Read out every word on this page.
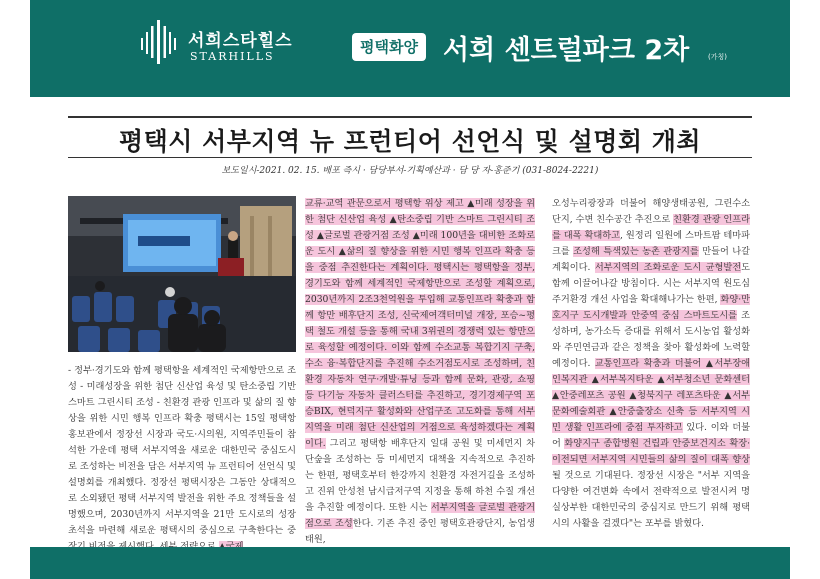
서희스타힐스
STARHILLS
평택화양 서희 센트럴파크 2차	(가칭)
평택시 서부지역 뉴 프런티어 선언식 및 설명회 개최
보도일시-2021. 02. 15. 배포 즉시 · 담당부서-기획예산과 · 담 당 자-홍준기 (031-8024-2221)
- 정부·경기도와 함께 평택항을 세계적인 국제항만으로 조성 - 미래성장을 위한 첨단 신산업 육성 및 탄소중립 기반 스마트 그린시티 조성 - 친환경 관광 인프라 및 삶의 질 향상을 위한 시민 행복 인프라 확충 평택시는 15일 평택항 홍보관에서 정장선 시장과 국도·시의원, 지역주민들이 참석한 가운데 평택 서부지역을 새로운 대한민국 중심도시로 조성하는 비전을 담은 서부지역 뉴 프런티어 선언식 및 설명회를 개최했다. 정장선 평택시장은 그동안 상대적으로 소외됐던 평택 서부지역 발전을 위한 주요 정책들을 설명했으며, 2030년까지 서부지역을 21만 도시로의 성장 초석을 마련해 새로운 평택시의 중심으로 구축한다는 중
교류·교역 관문으로서 평택항 위상 제고 ▲미래 성장을 위한 첨단 신산업 육성 ▲탄소중립 기반 스마트 그린시티 조성 ▲글로벌 관광거점 조성 ▲미래 100년을 대비한 조화로운 도시 ▲삶의 질 향상을 위한 시민 행복 인프라 확충 등을 중점 추진한다는 계획이다. 평택시는 평택항을 정부, 경기도와 함께 세계적인 국제항만으로 조성할 계획으로, 2030년까지 2조3천억원을 투입해 교통인프라 확충과 함께 항만 배후단지 조성, 신국제여객터미널 개장, 포승~평택 철도 개설 등을 통해 국내 3위권의 경쟁력 있는 항만으로 육성할 예정이다. 이와 함께 수소교통 복합기지 구축, 수소 융·복합단지를 추진해 수소거점도시로 조성하며, 친환경 자동차 연구·개발·튜닝 등과 함께 문화, 관광, 쇼핑 등 다기능 자동차 클러스터를 추진하고, 경기경제구역 포승BIX, 현덕지구 활성화와 산업구조 고도화를 통해 서부지역을 미래 첨단 신산업의 거점으로 육성하겠다는 계획이다. 그리고 평택항 배후단지 일대 공원 및 미세먼지 차단숲을 조성하는 등 미세먼지 대책을 지속적으로 추진하는 한편, 평택호부터 한강까지 친환경 자전거길을 조성하고 진위 안성천 남시급저구역 지정을 통해 하천 수질 개선을 추진할 예정이다. 또한 시는 서부지역을 글로벌 관광거점으로 조성한다. 기존 추진 중인 평택호관광단지, 농업생태원,
오성누리광장과 더불어 해양생태공원, 그린수소단지, 수변 친수공간 추진으로 친환경 관광 인프라를 대폭 확대하고, 원정리 일원에 스마트팜 테마파크를 조성해 특색있는 농촌 관광지를 만들어 나갈 계획이다. 서부지역의 조화로운 도시 균형발전도 함께 이끌어나갈 방침이다. 시는 서부지역 원도심 주거환경 개선 사업을 확대해나가는 한편, 화양·만호지구 도시개발과 안중역 중심 스마트도시를 조성하며, 농가소득 증대를 위해서 도시농업 활성화와 주민연금과 같은 정책을 찾아 활성화에 노력할 예정이다. 교통인프라 확충과 더불어 ▲서부장애인복지관 ▲서부복지타운 ▲서부청소년 문화센터 ▲안중레포츠 공원 ▲청북지구 레포츠타운 ▲서부문화예술회관 ▲안중출장소 신축 등 서부지역 시민 생활 인프라에 중점 투자하고 있다. 이와 더불어 화양지구 종합병원 건립과 안중보건지소 확장·이전되면 서부지역 시민들의 삶의 질이 대폭 향상될 것으로 기대된다. 정장선 시장은 "서부 지역을 다양한 여건변화 속에서 전략적으로 발전시켜 명실상부한 대한민국의 중심지로 만드기 위해 평택시의 사활을 걸겠다"는 포부를 밝혔다.
